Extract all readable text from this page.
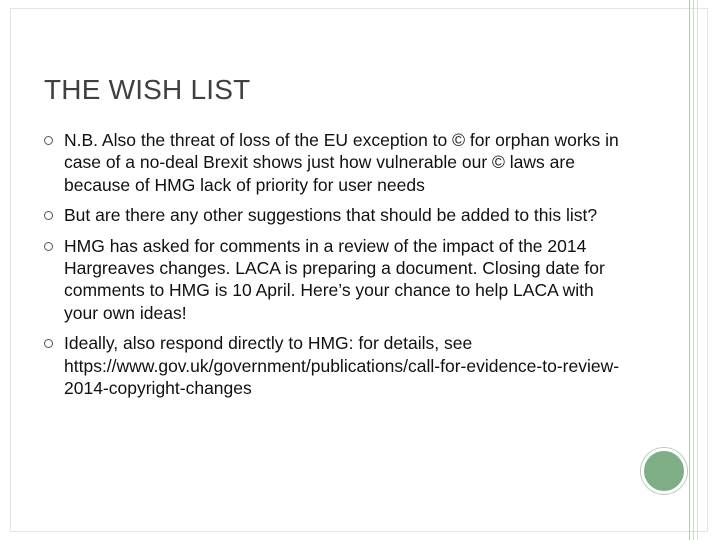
THE WISH LIST
N.B. Also the threat of loss of the EU exception to © for orphan works in case of a no-deal Brexit shows just how vulnerable our © laws are because of HMG lack of priority for user needs
But are there any other suggestions that should be added to this list?
HMG has asked for comments in a review of the impact of the 2014 Hargreaves changes. LACA is preparing a document. Closing date for comments to HMG is 10 April. Here’s your chance to help LACA with your own ideas!
Ideally, also respond directly to HMG: for details, see https://www.gov.uk/government/publications/call-for-evidence-to-review-2014-copyright-changes
